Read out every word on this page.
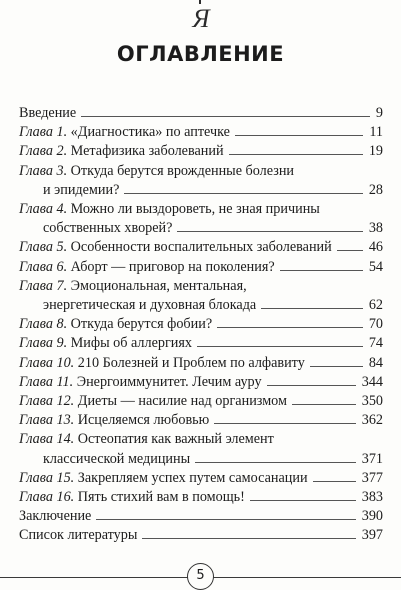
Я
ОГЛАВЛЕНИЕ
Введение	9
Глава 1. «Диагностика» по аптечке	11
Глава 2. Метафизика заболеваний	19
Глава 3. Откуда берутся врожденные болезни
и эпидемии?	28
Глава 4. Можно ли выздороветь, не зная причины
собственных хворей?	38
Глава 5. Особенности воспалительных заболеваний	46
Глава 6. Аборт — приговор на поколения?	54
Глава 7. Эмоциональная, ментальная,
энергетическая и духовная блокада	62
Глава 8. Откуда берутся фобии?	70
Глава 9. Мифы об аллергиях	74
Глава 10. 210 Болезней и Проблем по алфавиту	84
Глава 11. Энергоиммунитет. Лечим ауру	344
Глава 12. Диеты — насилие над организмом	350
Глава 13. Исцеляемся любовью	362
Глава 14. Остеопатия как важный элемент
классической медицины	371
Глава 15. Закрепляем успех путем самосанации	377
Глава 16. Пять стихий вам в помощь!	383
Заключение	390
Список литературы	397
5
